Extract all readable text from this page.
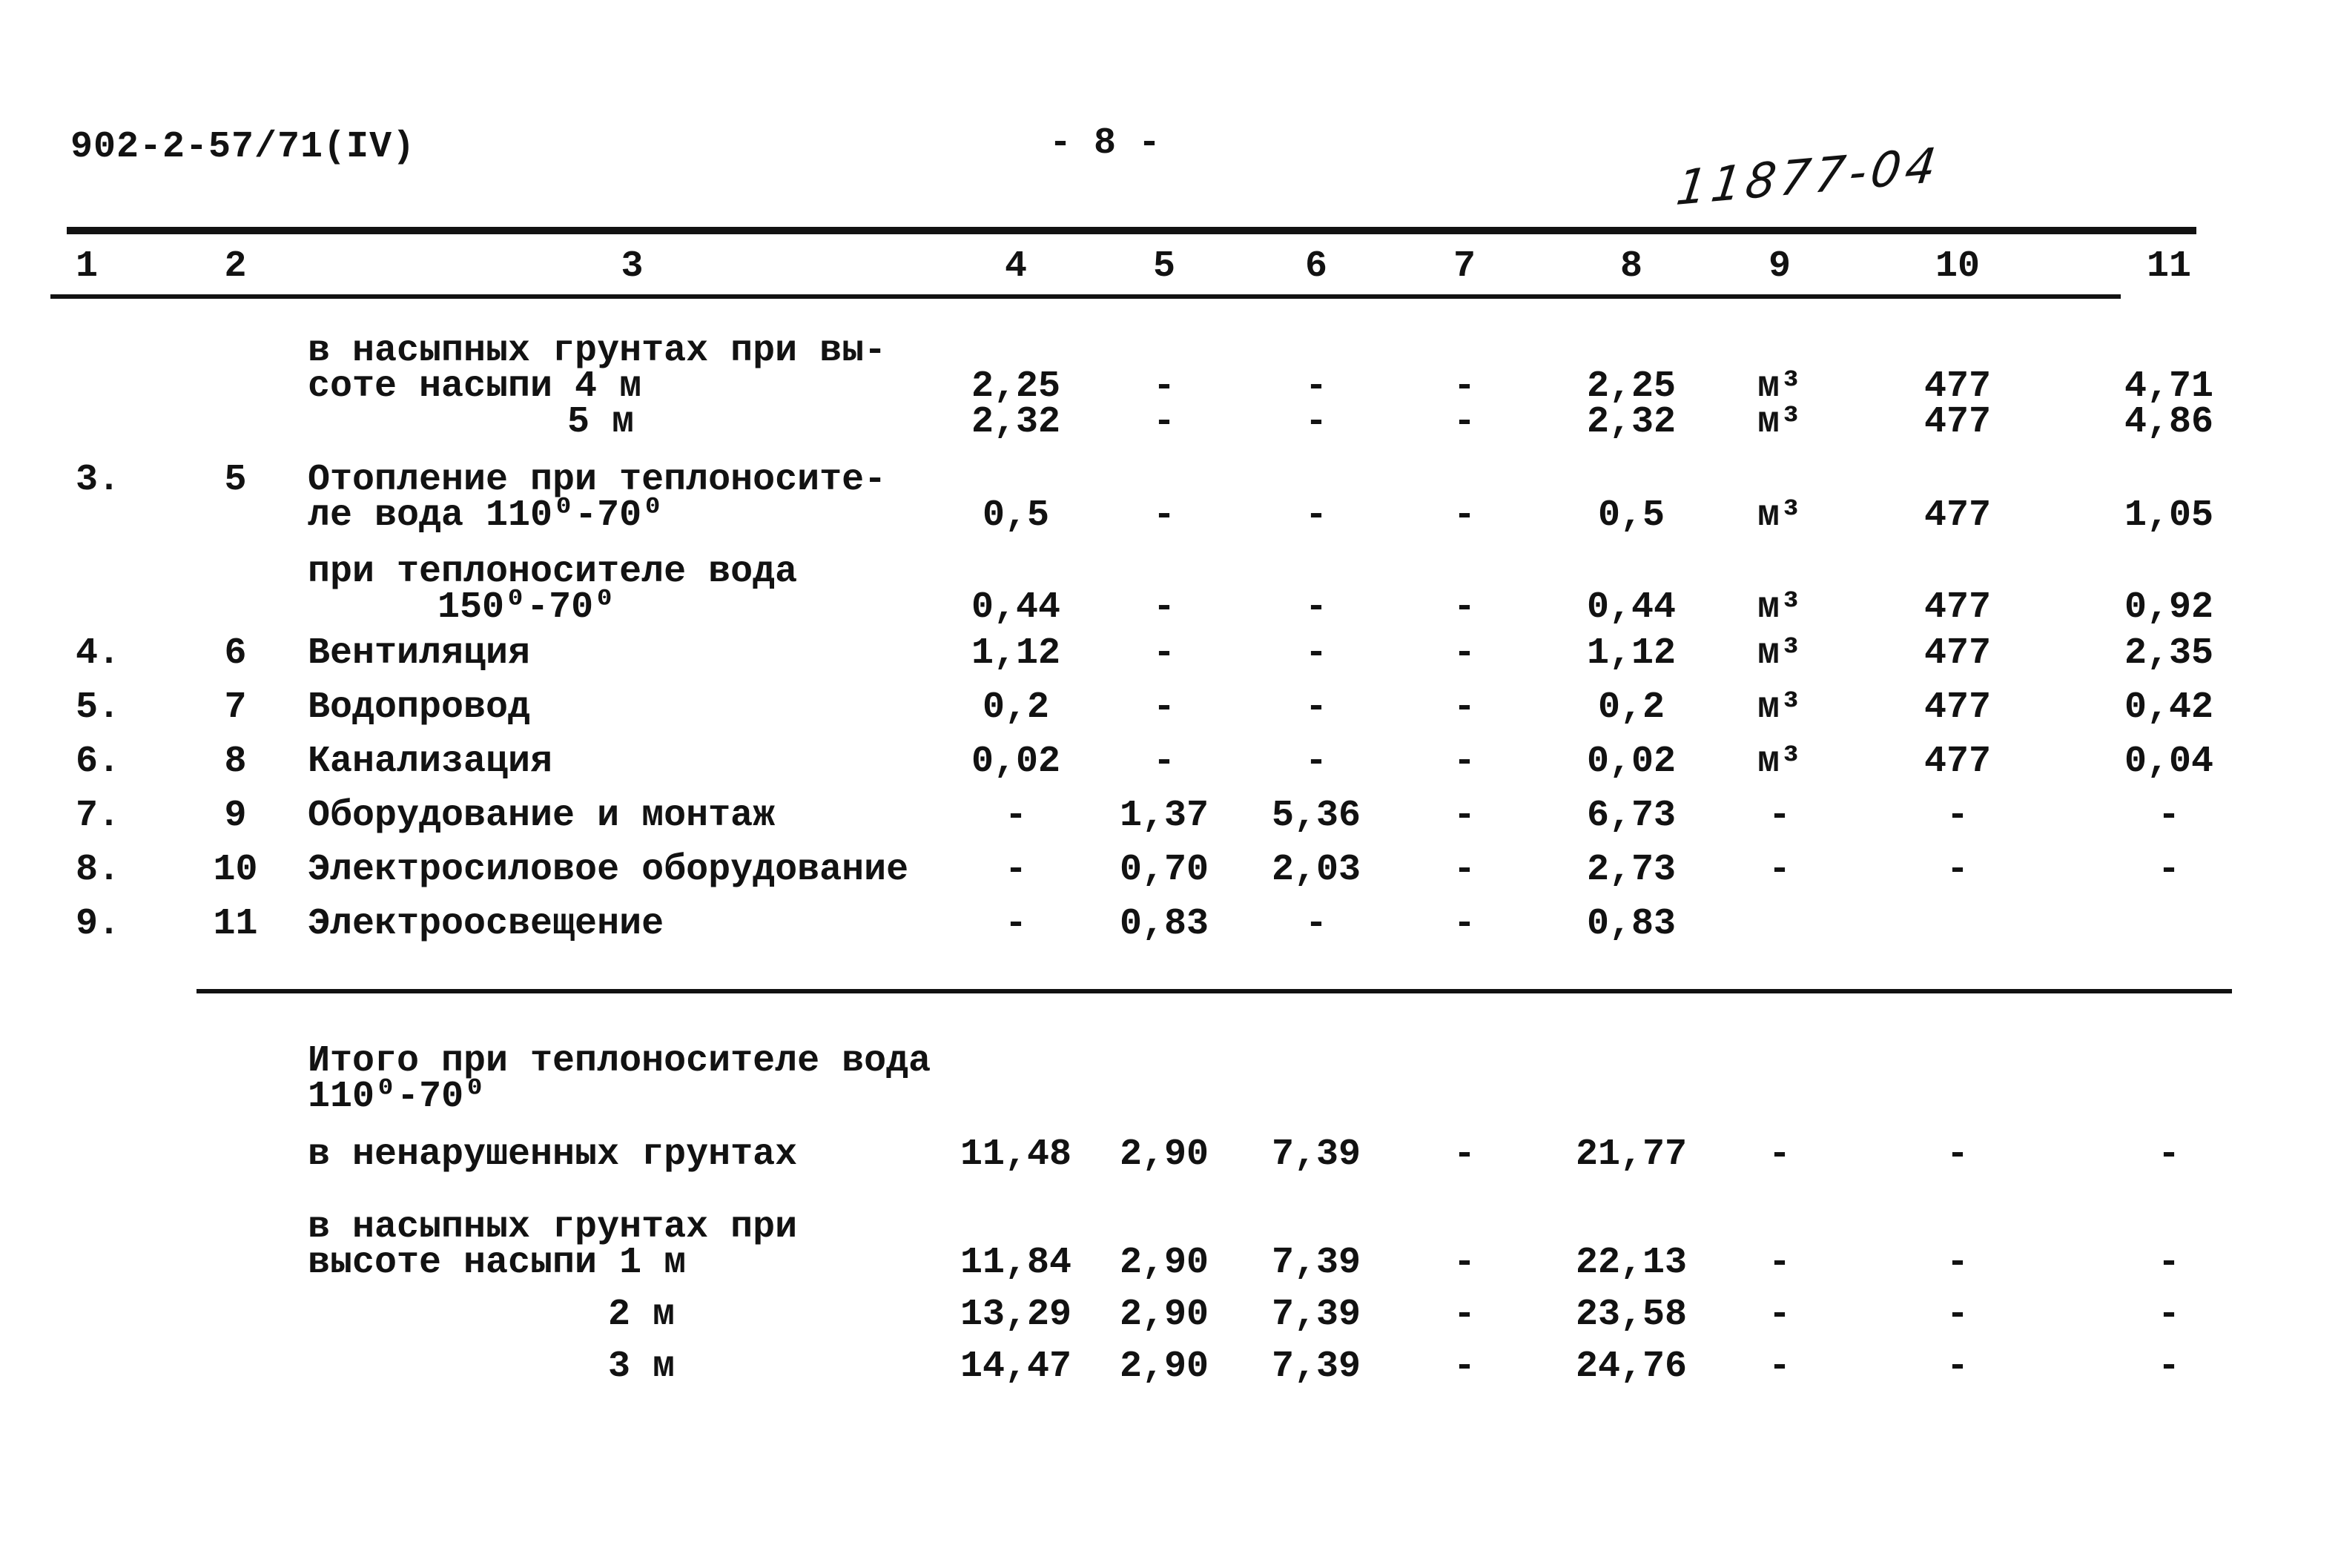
902-2-57/71(IV)	- 8 -	11877-04
1	2	3	4	5	6	7	8	9	10	11
в насыпных грунтах при вы-
соте насыпи 4 м	2,25	-	-	-	2,25	м³	477	4,71
5 м	2,32	-	-	-	2,32	м³	477	4,86
3.	5	Отопление при теплоносите-
ле вода 110⁰-70⁰	0,5	-	-	-	0,5	м³	477	1,05
при теплоносителе вода
150⁰-70⁰	0,44	-	-	-	0,44	м³	477	0,92
4.	6	Вентиляция	1,12	-	-	-	1,12	м³	477	2,35
5.	7	Водопровод	0,2	-	-	-	0,2	м³	477	0,42
6.	8	Канализация	0,02	-	-	-	0,02	м³	477	0,04
7.	9	Оборудование и монтаж	-	1,37	5,36	-	6,73	-	-	-
8.	10	Электросиловое оборудование	-	0,70	2,03	-	2,73	-	-	-
9.	11	Электроосвещение	-	0,83	-	-	0,83
Итого при теплоносителе вода
110⁰-70⁰
в ненарушенных грунтах	11,48	2,90	7,39	-	21,77	-	-	-
в насыпных грунтах при
высоте насыпи 1 м	11,84	2,90	7,39	-	22,13	-	-	-
2 м	13,29	2,90	7,39	-	23,58	-	-	-
3 м	14,47	2,90	7,39	-	24,76	-	-	-
